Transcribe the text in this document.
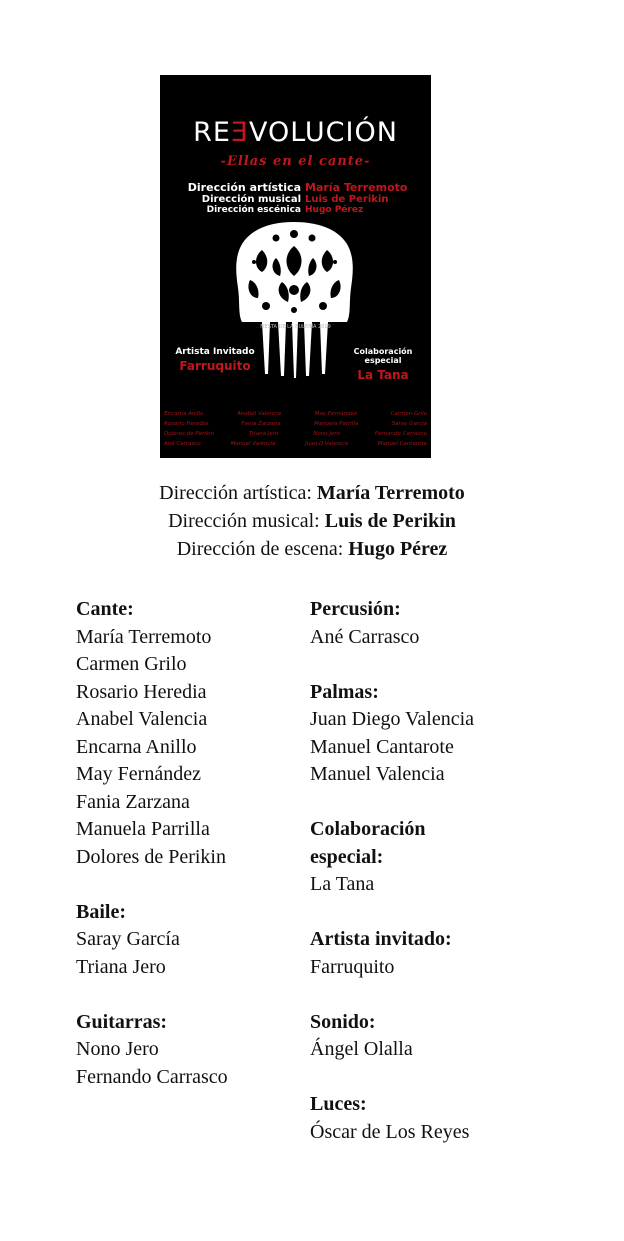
REƎVOLUCIÓN
-Ellas en el cante-
Dirección artística María Terremoto
Dirección musical Luis de Perikin
Dirección escénica Hugo Pérez
FIESTA DE LA BULERÍA 2019
Artista Invitado
Farruquito
Colaboración especial
La Tana
Encarna Anillo	Anabel Valencia	May Fernández	Carmen Grilo
Rosario Heredia	Fania Zarzana	Manuela Parrilla	Saray García
Dolores de Perikin	Triana Jero	Nono Jero	Fernando Carrasco
Ané Carrasco	Manuel Valencia	Juan D Valencia	Manuel Cantarote
Dirección artística: María Terremoto
Dirección musical: Luis de Perikin
Dirección de escena: Hugo Pérez
Cante:
María Terremoto
Carmen Grilo
Rosario Heredia
Anabel Valencia
Encarna Anillo
May Fernández
Fania Zarzana
Manuela Parrilla
Dolores de Perikin
Baile:
Saray García
Triana Jero
Guitarras:
Nono Jero
Fernando Carrasco
Percusión:
Ané Carrasco
Palmas:
Juan Diego Valencia
Manuel Cantarote
Manuel Valencia
Colaboración
especial:
La Tana
Artista invitado:
Farruquito
Sonido:
Ángel Olalla
Luces:
Óscar de Los Reyes
